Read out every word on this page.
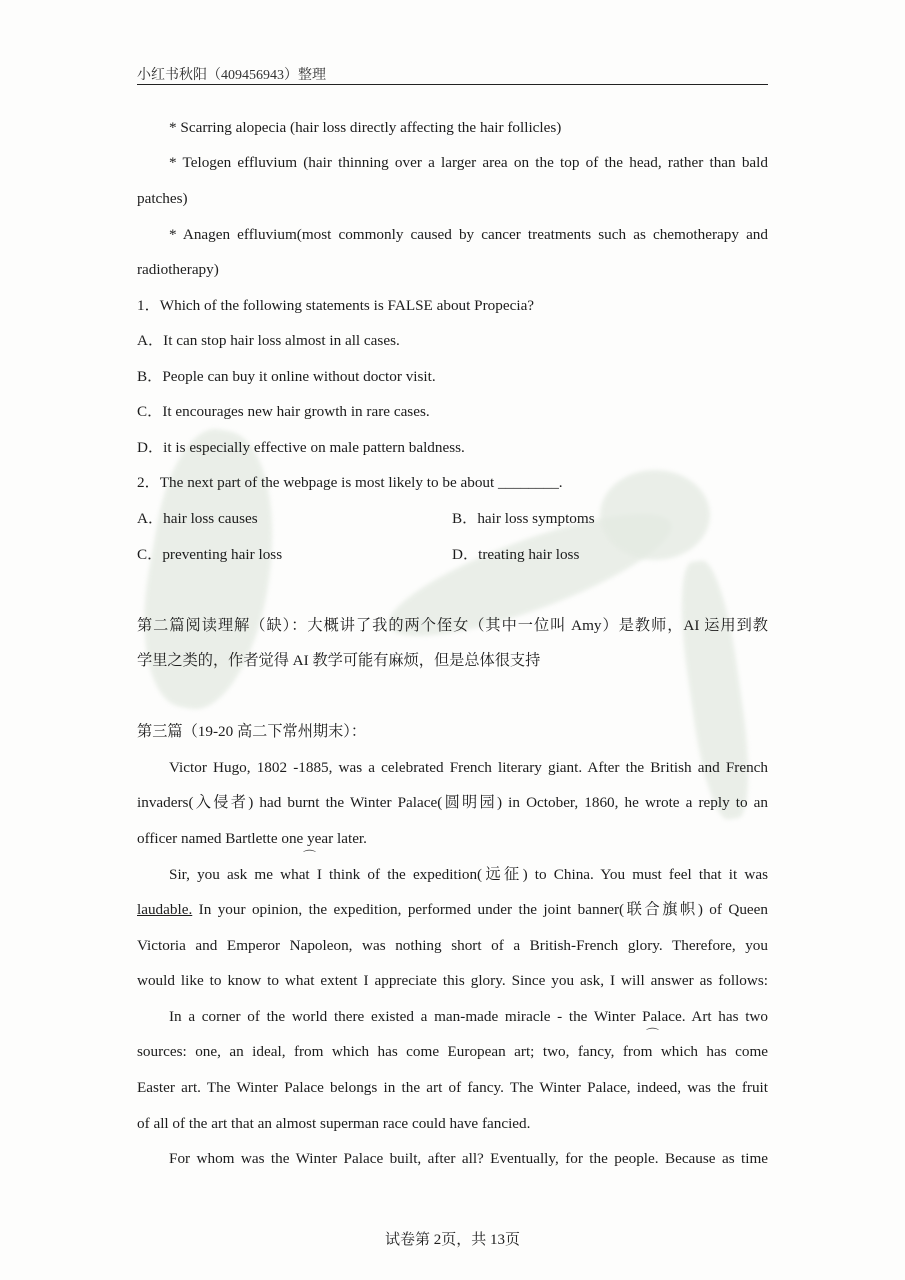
小红书秋阳（409456943）整理
* Scarring alopecia (hair loss directly affecting the hair follicles)
* Telogen effluvium (hair thinning over a larger area on the top of the head, rather than bald
patches)
* Anagen effluvium(most commonly caused by cancer treatments such as chemotherapy and
radiotherapy)
1．Which of the following statements is FALSE about Propecia?
A．It can stop hair loss almost in all cases.
B．People can buy it online without doctor visit.
C．It encourages new hair growth in rare cases.
D．it is especially effective on male pattern baldness.
2．The next part of the webpage is most likely to be about ________.
Victor Hugo, 1802 -1885, was a celebrated French literary giant. After the British and French
invaders(入侵者) had burnt the Winter Palace(圆明园) in October, 1860, he wrote a reply to an
officer named Bartlette one year later.
Sir, you ask me what I think of the expedition(远征) to China. You must feel that it was
laudable. In your opinion, the expedition, performed under the joint banner(联合旗帜) of Queen
Victoria and Emperor Napoleon, was nothing short of a British-French glory. Therefore, you
would like to know to what extent I appreciate this glory. Since you ask, I will answer as follows:
In a corner of the world there existed a man-made miracle - the Winter Palace. Art has two
sources: one, an ideal, from which has come European art; two, fancy, from which has come
Easter art. The Winter Palace belongs in the art of fancy. The Winter Palace, indeed, was the fruit
of all of the art that an almost superman race could have fancied.
For whom was the Winter Palace built, after all? Eventually, for the people. Because as time
A．hair loss causes	B．hair loss symptoms
C．preventing hair loss	D．treating hair loss
第二篇阅读理解（缺）：大概讲了我的两个侄女（其中一位叫 Amy）是教师，AI 运用到教
学里之类的，作者觉得 AI 教学可能有麻烦，但是总体很支持
第三篇（19-20 高二下常州期末）：
⌒
⌒
试卷第 2页，共 13页
